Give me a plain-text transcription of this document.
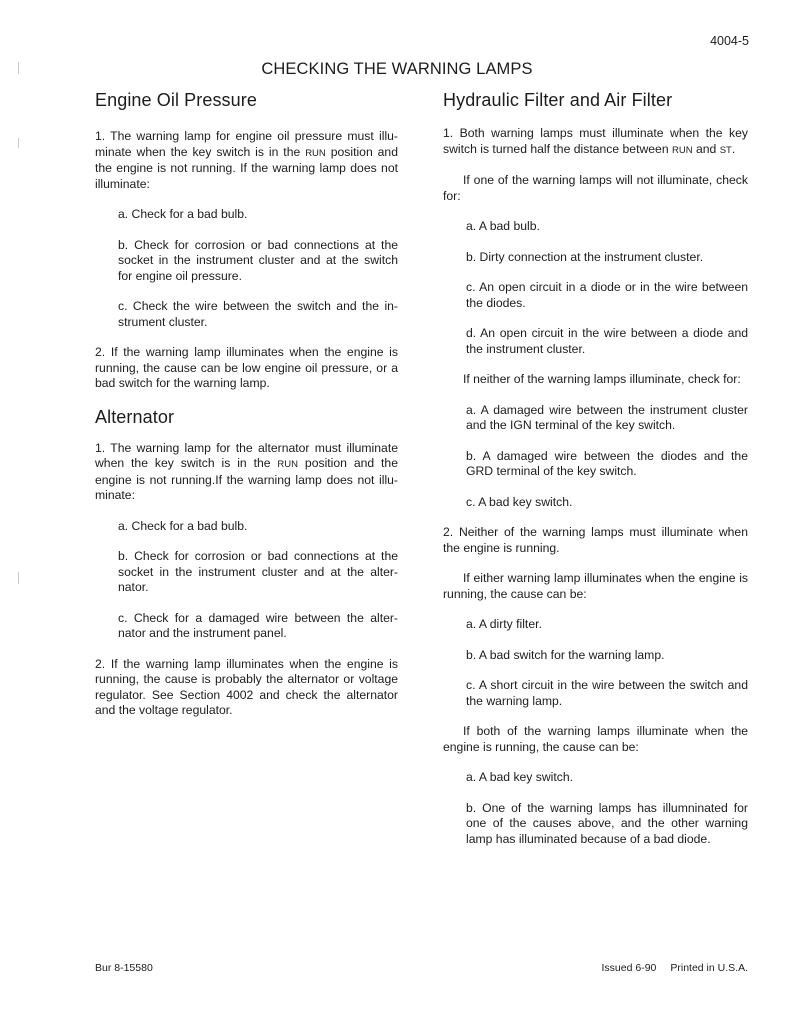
4004-5
CHECKING THE WARNING LAMPS
Engine Oil Pressure

1. The warning lamp for engine oil pressure must illu-minate when the key switch is in the RUN position and the engine is not running. If the warning lamp does not illuminate:

a. Check for a bad bulb.

b. Check for corrosion or bad connections at the socket in the instrument cluster and at the switch for engine oil pressure.

c. Check the wire between the switch and the in-strument cluster.

2. If the warning lamp illuminates when the engine is running, the cause can be low engine oil pressure, or a bad switch for the warning lamp.

Alternator

1. The warning lamp for the alternator must illuminate when the key switch is in the RUN position and the engine is not running.If the warning lamp does not illu-minate:

a. Check for a bad bulb.

b. Check for corrosion or bad connections at the socket in the instrument cluster and at the alter-nator.

c. Check for a damaged wire between the alter-nator and the instrument panel.

2. If the warning lamp illuminates when the engine is running, the cause is probably the alternator or voltage regulator. See Section 4002 and check the alternator and the voltage regulator.

Hydraulic Filter and Air Filter

1. Both warning lamps must illuminate when the key switch is turned half the distance between RUN and ST.

If one of the warning lamps will not illuminate, check for:

a. A bad bulb.

b. Dirty connection at the instrument cluster.

c. An open circuit in a diode or in the wire between the diodes.

d. An open circuit in the wire between a diode and the instrument cluster.

If neither of the warning lamps illuminate, check for:

a. A damaged wire between the instrument cluster and the IGN terminal of the key switch.

b. A damaged wire between the diodes and the GRD terminal of the key switch.

c. A bad key switch.

2. Neither of the warning lamps must illuminate when the engine is running.

If either warning lamp illuminates when the engine is running, the cause can be:

a. A dirty filter.

b. A bad switch for the warning lamp.

c. A short circuit in the wire between the switch and the warning lamp.

If both of the warning lamps illuminate when the engine is running, the cause can be:

a. A bad key switch.

b. One of the warning lamps has illumninated for one of the causes above, and the other warning lamp has illuminated because of a bad diode.

Bur 8-15580	Issued 6-90 Printed in U.S.A.
